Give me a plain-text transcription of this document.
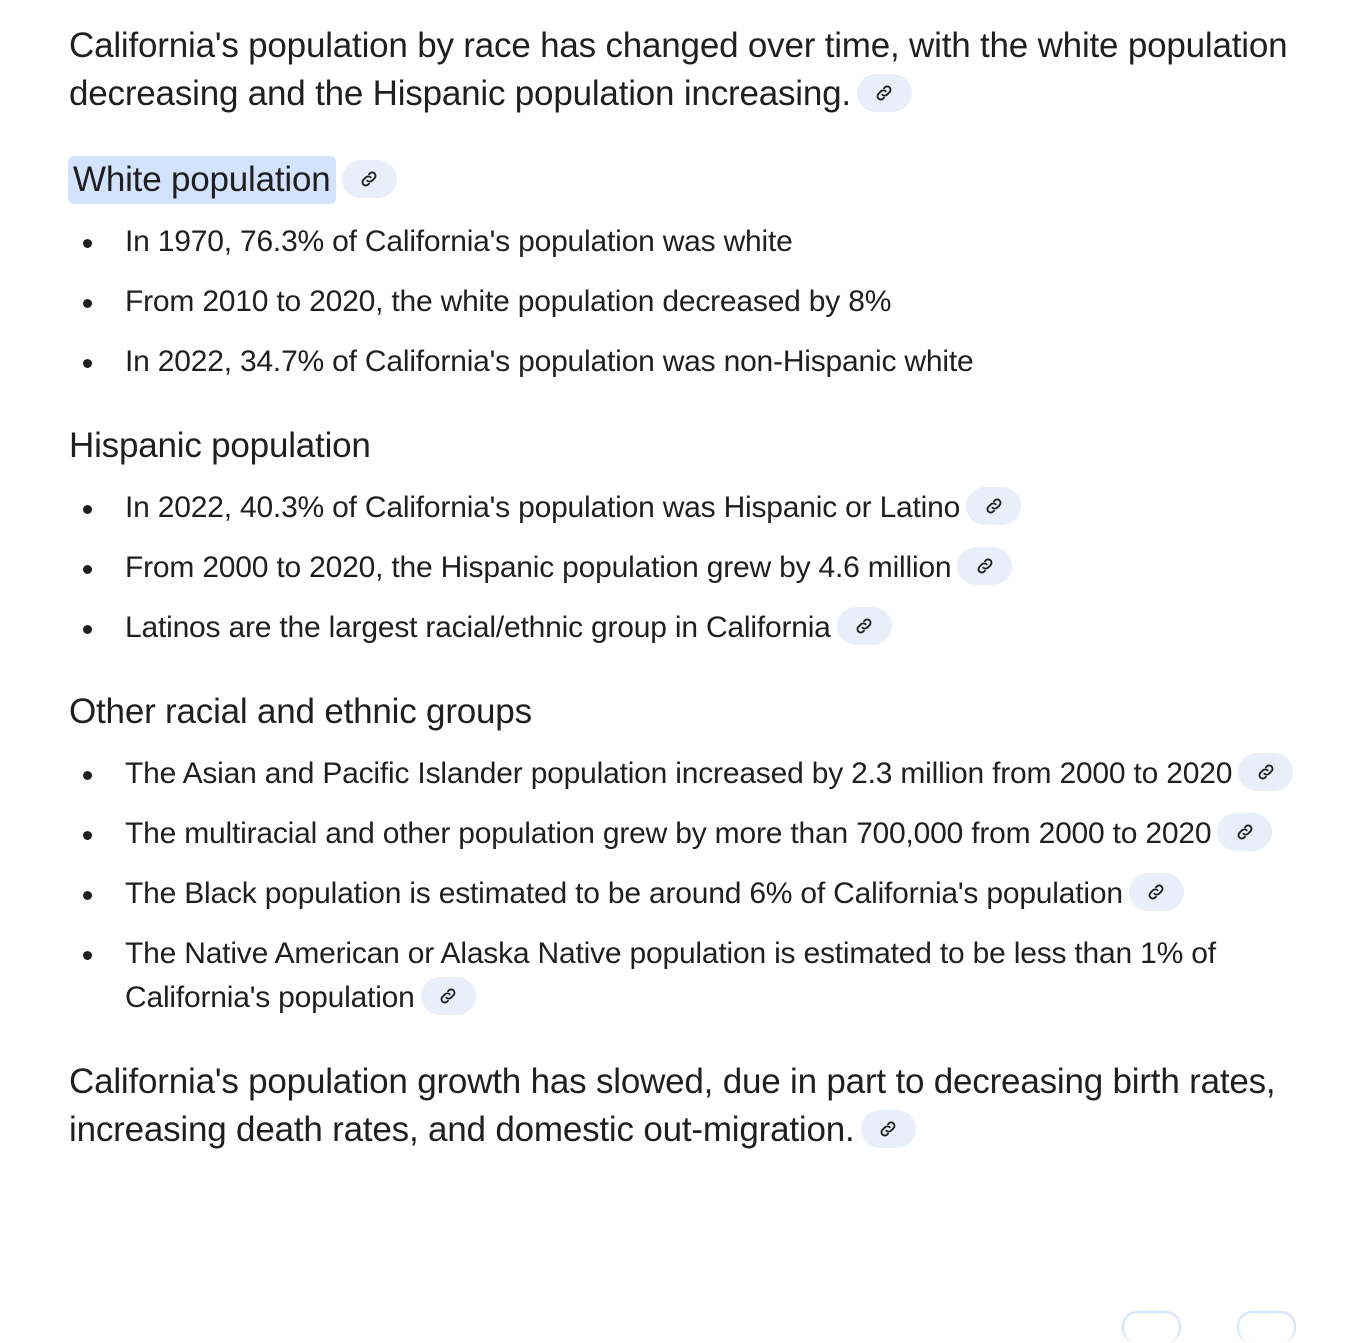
California's population by race has changed over time, with the white population decreasing and the Hispanic population increasing.

White population
In 1970, 76.3% of California's population was white
From 2010 to 2020, the white population decreased by 8%
In 2022, 34.7% of California's population was non-Hispanic white
Hispanic population
In 2022, 40.3% of California's population was Hispanic or Latino
From 2000 to 2020, the Hispanic population grew by 4.6 million
Latinos are the largest racial/ethnic group in California
Other racial and ethnic groups
The Asian and Pacific Islander population increased by 2.3 million from 2000 to 2020
The multiracial and other population grew by more than 700,000 from 2000 to 2020
The Black population is estimated to be around 6% of California's population
The Native American or Alaska Native population is estimated to be less than 1% of California's population

California's population growth has slowed, due in part to decreasing birth rates, increasing death rates, and domestic out-migration.
